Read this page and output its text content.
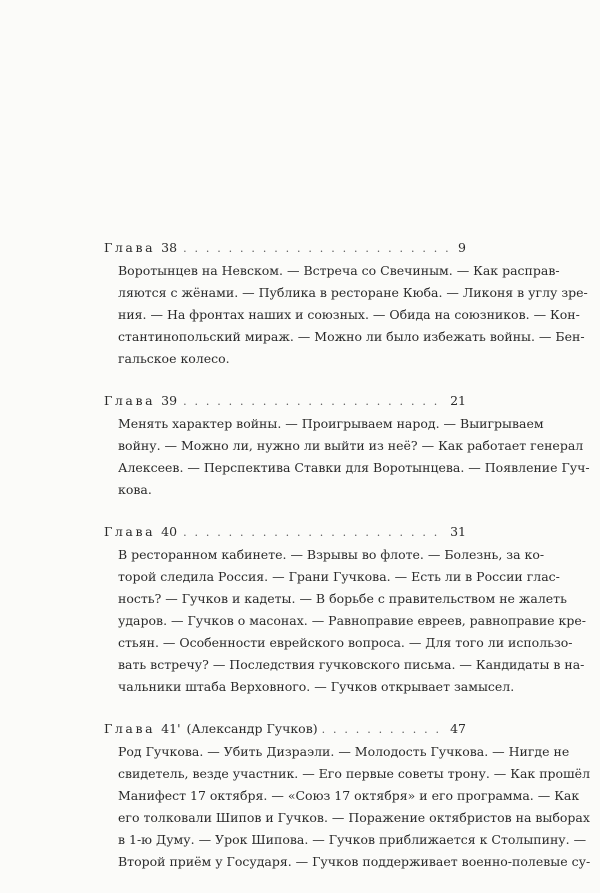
Глава 38 . . .	9
Воротынцев на Невском. — Встреча со Свечиным. — Как распрaв-
ляются с жёнами. — Публика в ресторане Кюба. — Ликоня в углу зре-
ния. — На фронтах наших и союзных. — Обида на союзников. — Кон-
стантинопольский мираж. — Можно ли было избежать войны. — Бен-
гальское колесо.
Глава 39 . . .	21
Менять характер войны. — Проигрываем народ. — Выигрываем
войну. — Можно ли, нужно ли выйти из неё? — Как работает генерал
Алексеев. — Перспектива Ставки для Воротынцева. — Появление Гуч-
кова.
Глава 40 . . .	31
В ресторанном кабинете. — Взрывы во флоте. — Болезнь, за ко-
торой следила Россия. — Грани Гучкова. — Есть ли в России глас-
ность? — Гучков и кадеты. — В борьбе с правительством не жалеть
ударов. — Гучков о масонах. — Равноправие евреев, равноправие кре-
стьян. — Особенности еврейского вопроса. — Для того ли использо-
вать встречу? — Последствия гучковского письма. — Кандидаты в на-
чальники штаба Верховного. — Гучков открывает замысел.
Глава 41' (Александр Гучков) . . .	47
Род Гучкова. — Убить Дизраэли. — Молодость Гучкова. — Нигде не
свидетель, везде участник. — Его первые советы трону. — Как прошёл
Манифест 17 октября. — «Союз 17 октября» и его программа. — Как
его толковали Шипов и Гучков. — Поражение октябристов на выборах
в 1-ю Думу. — Урок Шипова. — Гучков приближается к Столыпину. —
Второй приём у Государя. — Гучков поддерживает военно-полевые су-
